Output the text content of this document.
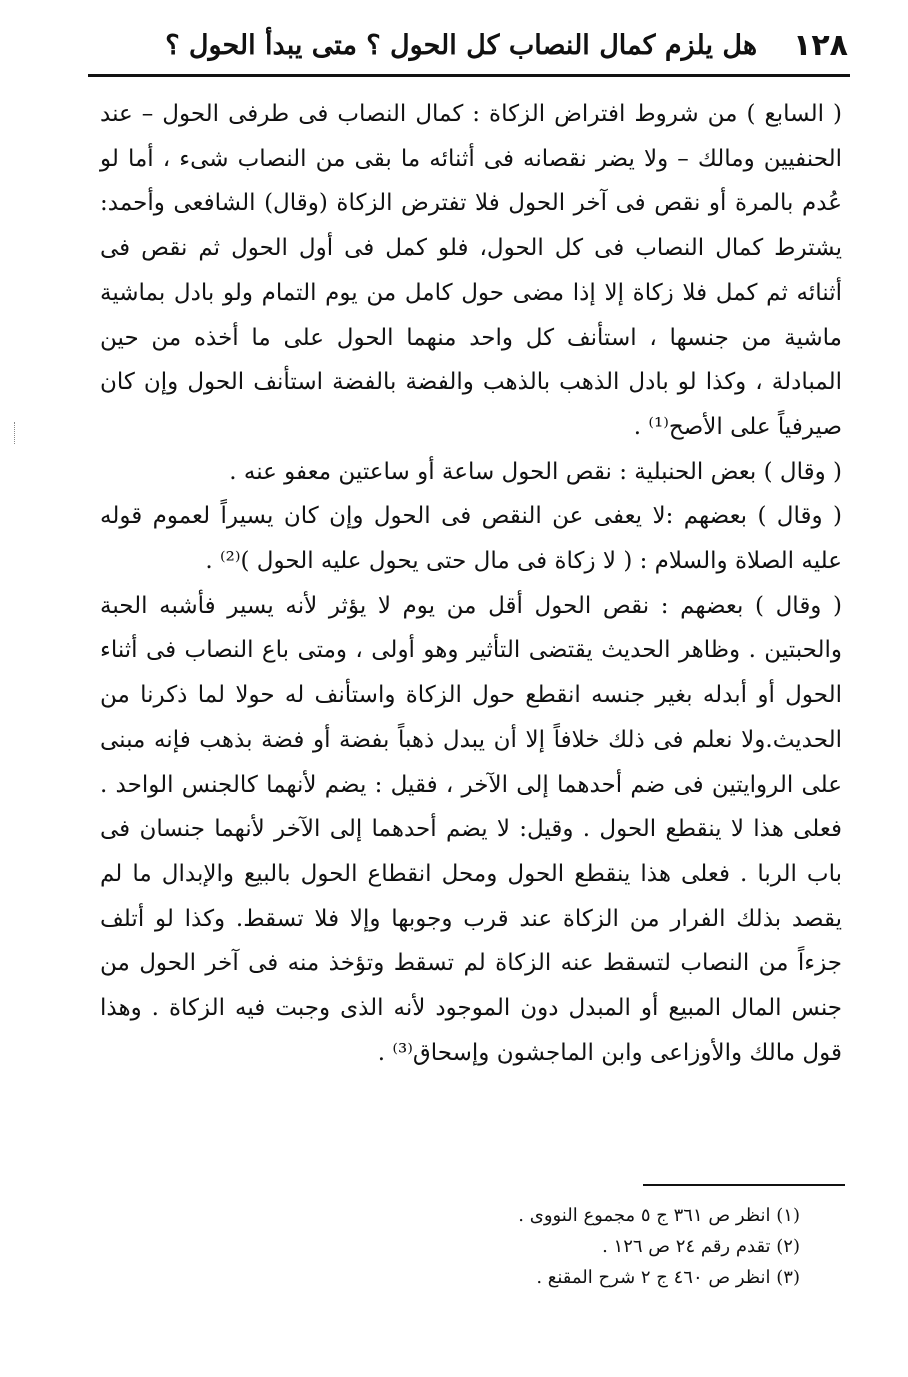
١٢٨
هل يلزم كمال النصاب كل الحول ؟ متى يبدأ الحول ؟

( السابع ) من شروط افتراض الزكاة : كمال النصاب فى طرفى الحول – عند الحنفيين ومالك – ولا يضر نقصانه فى أثنائه ما بقى من النصاب شىء ، أما لو عُدم بالمرة أو نقص فى آخر الحول فلا تفترض الزكاة (وقال) الشافعى وأحمد: يشترط كمال النصاب فى كل الحول، فلو كمل فى أول الحول ثم نقص فى أثنائه ثم كمل فلا زكاة إلا إذا مضى حول كامل من يوم التمام ولو بادل بماشية ماشية من جنسها ، استأنف كل واحد منهما الحول على ما أخذه من حين المبادلة ، وكذا لو بادل الذهب بالذهب والفضة بالفضة استأنف الحول وإن كان صيرفياً على الأصح⁽¹⁾ .

( وقال ) بعض الحنبلية : نقص الحول ساعة أو ساعتين معفو عنه .

( وقال ) بعضهم :لا يعفى عن النقص فى الحول وإن كان يسيراً لعموم قوله عليه الصلاة والسلام : ( لا زكاة فى مال حتى يحول عليه الحول )⁽²⁾ .

( وقال ) بعضهم : نقص الحول أقل من يوم لا يؤثر لأنه يسير فأشبه الحبة والحبتين . وظاهر الحديث يقتضى التأثير وهو أولى ، ومتى باع النصاب فى أثناء الحول أو أبدله بغير جنسه انقطع حول الزكاة واستأنف له حولا لما ذكرنا من الحديث.ولا نعلم فى ذلك خلافاً إلا أن يبدل ذهباً بفضة أو فضة بذهب فإنه مبنى على الروايتين فى ضم أحدهما إلى الآخر ، فقيل : يضم لأنهما كالجنس الواحد . فعلى هذا لا ينقطع الحول . وقيل: لا يضم أحدهما إلى الآخر لأنهما جنسان فى باب الربا . فعلى هذا ينقطع الحول ومحل انقطاع الحول بالبيع والإبدال ما لم يقصد بذلك الفرار من الزكاة عند قرب وجوبها وإلا فلا تسقط. وكذا لو أتلف جزءاً من النصاب لتسقط عنه الزكاة لم تسقط وتؤخذ منه فى آخر الحول من جنس المال المبيع أو المبدل دون الموجود لأنه الذى وجبت فيه الزكاة . وهذا قول مالك والأوزاعى وابن الماجشون وإسحاق⁽³⁾ .

(١) انظر ص ٣٦١ ج ٥ مجموع النووى .
(٢) تقدم رقم ٢٤ ص ١٢٦ .
(٣) انظر ص ٤٦٠ ج ٢ شرح المقنع .
